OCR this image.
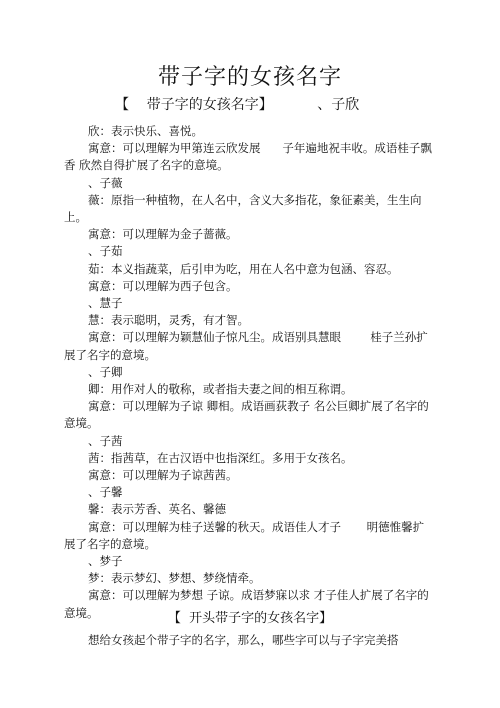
带子字的女孩名字
【    带子字的女孩名字】          、子欣

欣：表示快乐、喜悦。

寓意：可以理解为甲第连云欣发展      子年遍地祝丰收。成语桂子飘香 欣然自得扩展了名字的意境。

、子薇

薇：原指一种植物，在人名中，含义大多指花，象征素美，生生向上。

寓意：可以理解为金子蔷薇。

、子茹

茹：本义指蔬菜，后引申为吃，用在人名中意为包涵、容忍。

寓意：可以理解为西子包含。

、慧子

慧：表示聪明，灵秀，有才智。

寓意：可以理解为颖慧仙子惊凡尘。成语别具慧眼        桂子兰孙扩展了名字的意境。

、子卿

卿：用作对人的敬称，或者指夫妻之间的相互称谓。

寓意：可以理解为子谅 卿相。成语画荻教子 名公巨卿扩展了名字的意境。

、子茜

茜：指茜草，在古汉语中也指深红。多用于女孩名。

寓意：可以理解为子谅茜茜。

、子馨

馨：表示芳香、英名、馨德

寓意：可以理解为桂子送馨的秋天。成语佳人才子       明德惟馨扩展了名字的意境。

、梦子

梦：表示梦幻、梦想、梦绕情牵。

寓意：可以理解为梦想 子谅。成语梦寐以求 才子佳人扩展了名字的意境。	【  开头带子字的女孩名字】
想给女孩起个带子字的名字，那么，哪些字可以与子字完美搭
